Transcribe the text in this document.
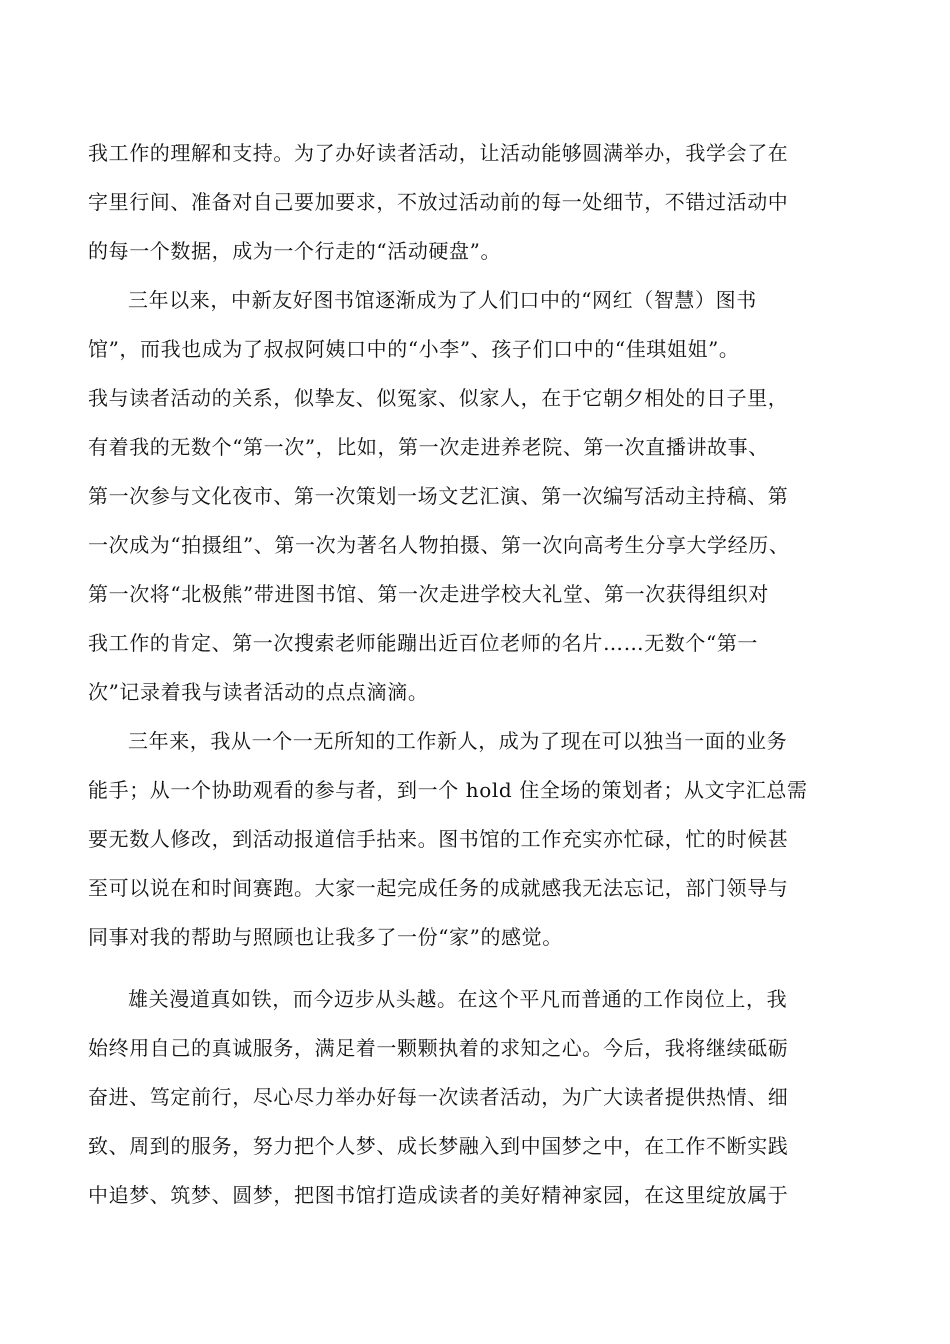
我工作的理解和支持。为了办好读者活动，让活动能够圆满举办，我学会了在
字里行间、准备对自己要加要求，不放过活动前的每一处细节，不错过活动中
的每一个数据，成为一个行走的“活动硬盘”。
三年以来，中新友好图书馆逐渐成为了人们口中的“网红（智慧）图书
馆”，而我也成为了叔叔阿姨口中的“小李”、孩子们口中的“佳琪姐姐”。
我与读者活动的关系，似挚友、似冤家、似家人，在于它朝夕相处的日子里，
有着我的无数个“第一次”，比如，第一次走进养老院、第一次直播讲故事、
第一次参与文化夜市、第一次策划一场文艺汇演、第一次编写活动主持稿、第
一次成为“拍摄组”、第一次为著名人物拍摄、第一次向高考生分享大学经历、
第一次将“北极熊”带进图书馆、第一次走进学校大礼堂、第一次获得组织对
我工作的肯定、第一次搜索老师能蹦出近百位老师的名片……无数个“第一
次”记录着我与读者活动的点点滴滴。
三年来，我从一个一无所知的工作新人，成为了现在可以独当一面的业务
能手；从一个协助观看的参与者，到一个 hold 住全场的策划者；从文字汇总需
要无数人修改，到活动报道信手拈来。图书馆的工作充实亦忙碌，忙的时候甚
至可以说在和时间赛跑。大家一起完成任务的成就感我无法忘记，部门领导与
同事对我的帮助与照顾也让我多了一份“家”的感觉。
雄关漫道真如铁，而今迈步从头越。在这个平凡而普通的工作岗位上，我
始终用自己的真诚服务，满足着一颗颗执着的求知之心。今后，我将继续砥砺
奋进、笃定前行，尽心尽力举办好每一次读者活动，为广大读者提供热情、细
致、周到的服务，努力把个人梦、成长梦融入到中国梦之中，在工作不断实践
中追梦、筑梦、圆梦，把图书馆打造成读者的美好精神家园，在这里绽放属于
